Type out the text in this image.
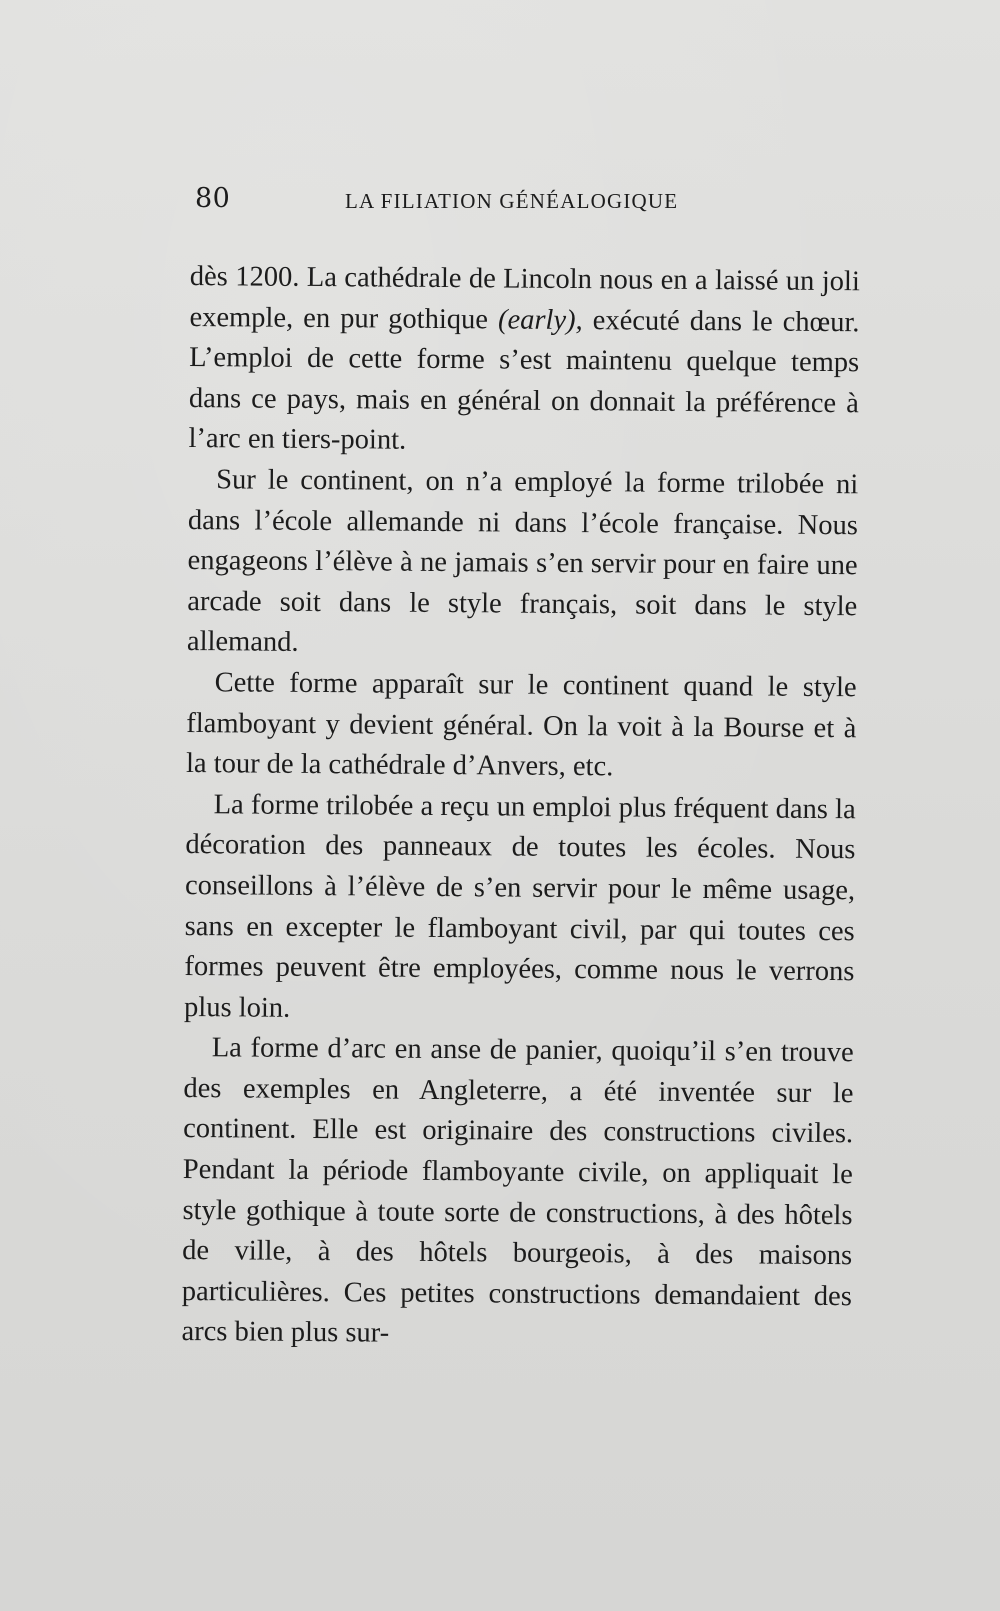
80	LA FILIATION GÉNÉALOGIQUE

dès 1200. La cathédrale de Lincoln nous en a laissé un joli exemple, en pur gothique (early), exécuté dans le chœur. L’emploi de cette forme s’est maintenu quelque temps dans ce pays, mais en général on donnait la préférence à l’arc en tiers-point.

Sur le continent, on n’a employé la forme trilobée ni dans l’école allemande ni dans l’école française. Nous engageons l’élève à ne jamais s’en servir pour en faire une arcade soit dans le style français, soit dans le style allemand.

Cette forme apparaît sur le continent quand le style flamboyant y devient général. On la voit à la Bourse et à la tour de la cathédrale d’Anvers, etc.

La forme trilobée a reçu un emploi plus fréquent dans la décoration des panneaux de toutes les écoles. Nous conseillons à l’élève de s’en servir pour le même usage, sans en excepter le flamboyant civil, par qui toutes ces formes peuvent être employées, comme nous le verrons plus loin.

La forme d’arc en anse de panier, quoiqu’il s’en trouve des exemples en Angleterre, a été inventée sur le continent. Elle est originaire des constructions civiles. Pendant la période flamboyante civile, on appliquait le style gothique à toute sorte de constructions, à des hôtels de ville, à des hôtels bourgeois, à des maisons particulières. Ces petites constructions demandaient des arcs bien plus sur-
